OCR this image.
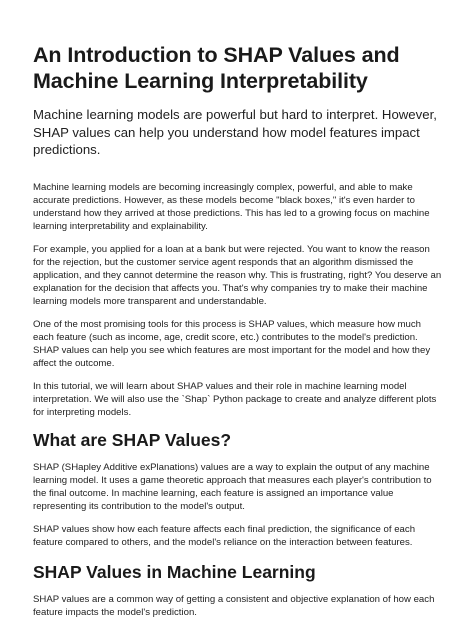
An Introduction to SHAP Values and Machine Learning Interpretability

Machine learning models are powerful but hard to interpret. However, SHAP values can help you understand how model features impact predictions.

Machine learning models are becoming increasingly complex, powerful, and able to make accurate predictions. However, as these models become "black boxes," it's even harder to understand how they arrived at those predictions. This has led to a growing focus on machine learning interpretability and explainability.

For example, you applied for a loan at a bank but were rejected. You want to know the reason for the rejection, but the customer service agent responds that an algorithm dismissed the application, and they cannot determine the reason why. This is frustrating, right? You deserve an explanation for the decision that affects you. That's why companies try to make their machine learning models more transparent and understandable.

One of the most promising tools for this process is SHAP values, which measure how much each feature (such as income, age, credit score, etc.) contributes to the model's prediction. SHAP values can help you see which features are most important for the model and how they affect the outcome.

In this tutorial, we will learn about SHAP values and their role in machine learning model interpretation. We will also use the `Shap` Python package to create and analyze different plots for interpreting models.

What are SHAP Values?

SHAP (SHapley Additive exPlanations) values are a way to explain the output of any machine learning model. It uses a game theoretic approach that measures each player's contribution to the final outcome. In machine learning, each feature is assigned an importance value representing its contribution to the model's output.

SHAP values show how each feature affects each final prediction, the significance of each feature compared to others, and the model's reliance on the interaction between features.

SHAP Values in Machine Learning

SHAP values are a common way of getting a consistent and objective explanation of how each feature impacts the model's prediction.
